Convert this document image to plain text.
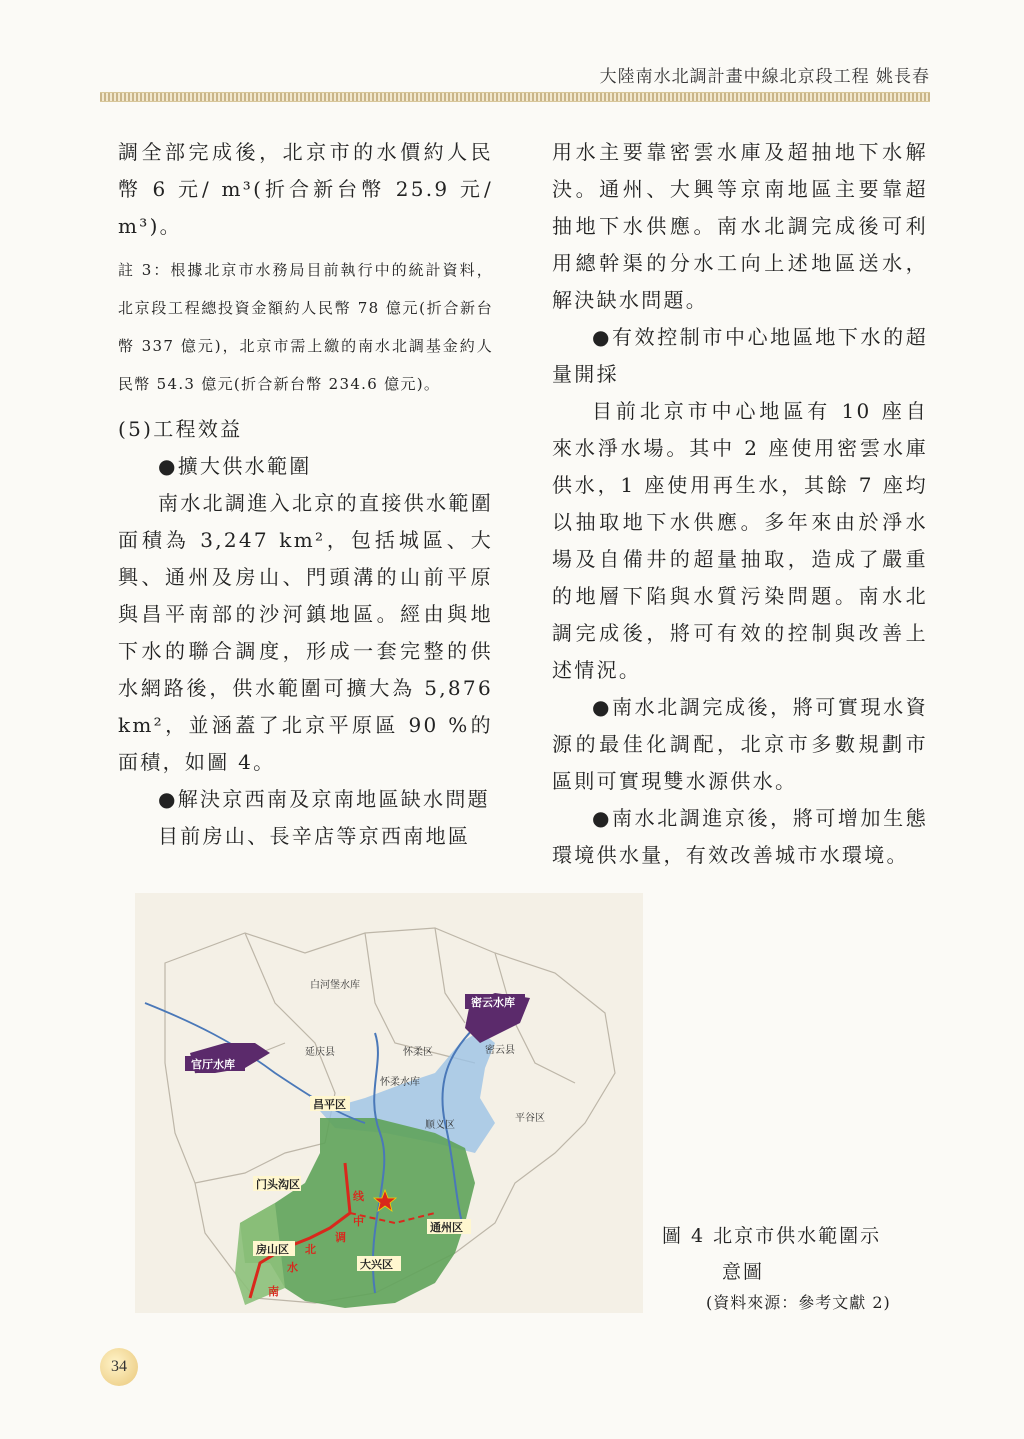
大陸南水北調計畫中線北京段工程 姚長春

調全部完成後，北京市的水價約人民幣 6 元/ m³(折合新台幣 25.9 元/ m³)。

註 3：根據北京市水務局目前執行中的統計資料，北京段工程總投資金額約人民幣 78 億元(折合新台幣 337 億元)，北京市需上繳的南水北調基金約人民幣 54.3 億元(折合新台幣 234.6 億元)。

(5)工程效益

●擴大供水範圍

南水北調進入北京的直接供水範圍面積為 3,247 km²，包括城區、大興、通州及房山、門頭溝的山前平原與昌平南部的沙河鎮地區。經由與地下水的聯合調度，形成一套完整的供水網路後，供水範圍可擴大為 5,876 km²，並涵蓋了北京平原區 90 %的面積，如圖 4。

●解決京西南及京南地區缺水問題

目前房山、長辛店等京西南地區

用水主要靠密雲水庫及超抽地下水解決。通州、大興等京南地區主要靠超抽地下水供應。南水北調完成後可利用總幹渠的分水工向上述地區送水，解決缺水問題。

●有效控制市中心地區地下水的超量開採

目前北京市中心地區有 10 座自來水淨水場。其中 2 座使用密雲水庫供水，1 座使用再生水，其餘 7 座均以抽取地下水供應。多年來由於淨水場及自備井的超量抽取，造成了嚴重的地層下陷與水質污染問題。南水北調完成後，將可有效的控制與改善上述情況。

●南水北調完成後，將可實現水資源的最佳化調配，北京市多數規劃市區則可實現雙水源供水。

●南水北調進京後，將可增加生態環境供水量，有效改善城市水環境。

白河堡水库
延庆县	怀柔区	密云县
怀柔水库
顺义区
平谷区
密云水库
官厅水库
昌平区
门头沟区
通州区
房山区
大兴区
线
中
调
北
水
南
圖 4 北京市供水範圍示
意圖
(資料來源：參考文獻 2)
34
